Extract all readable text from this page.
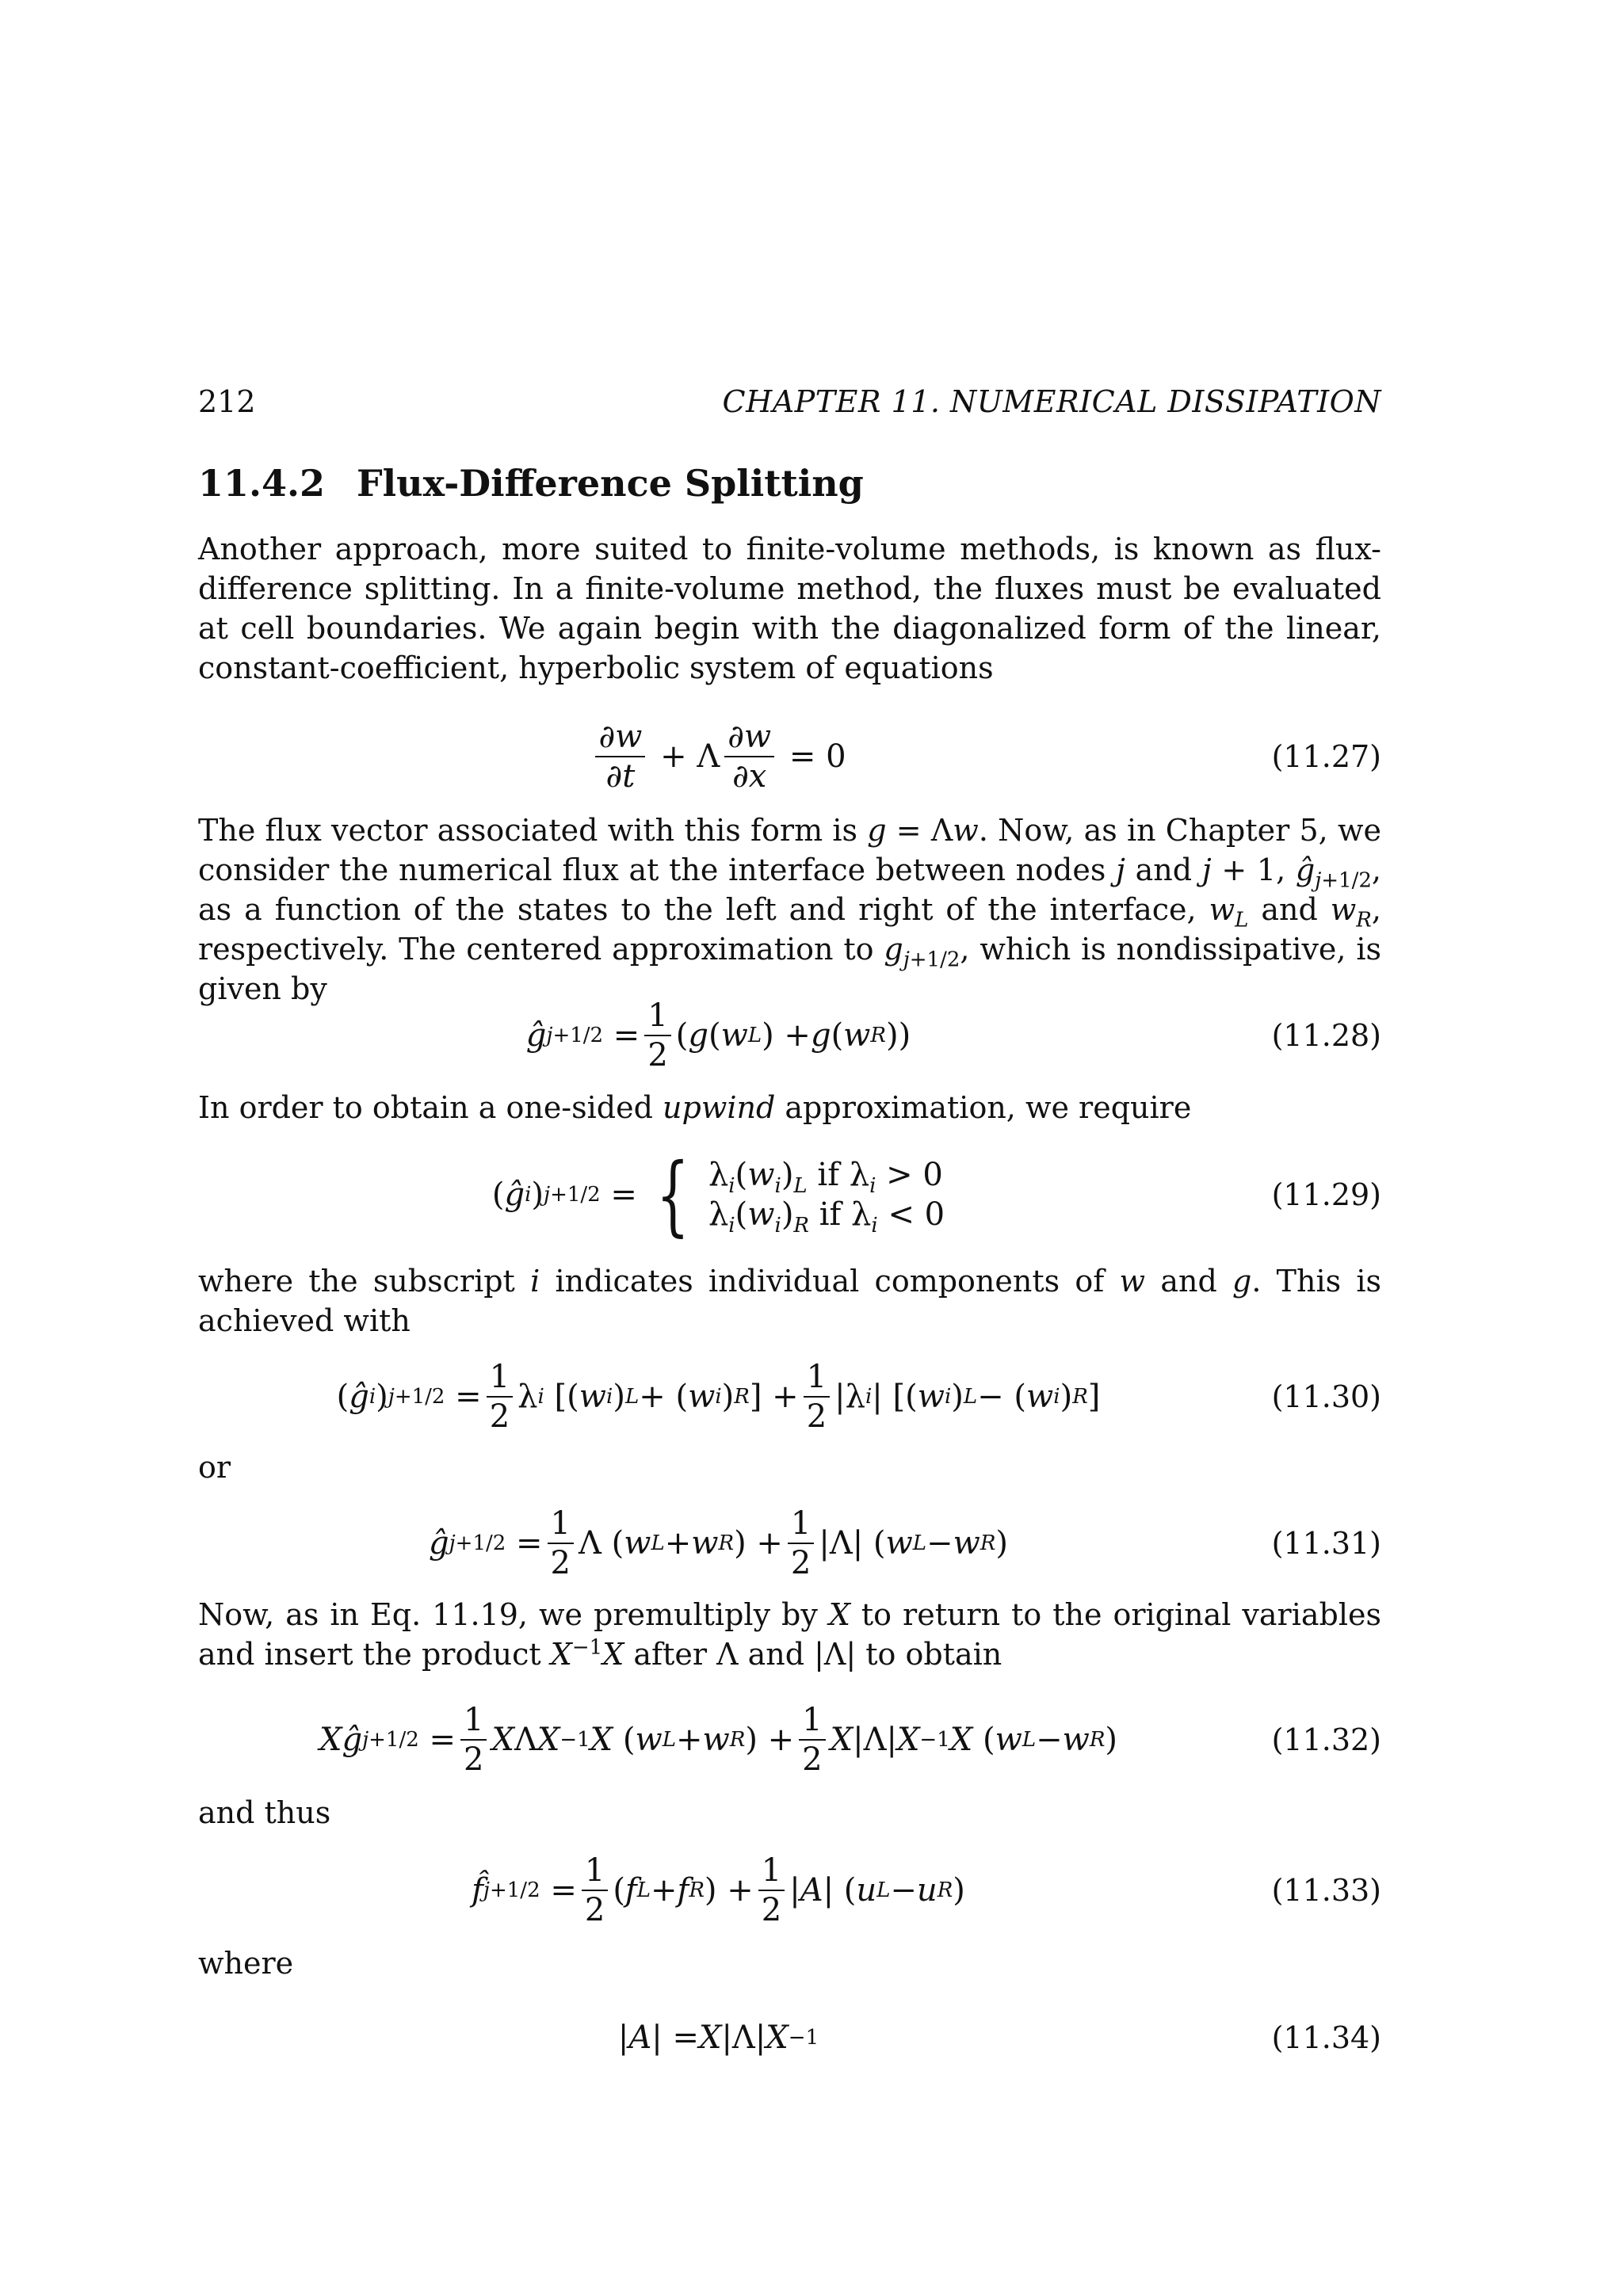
212	CHAPTER 11. NUMERICAL DISSIPATION
11.4.2 Flux-Difference Splitting
Another approach, more suited to finite-volume methods, is known as flux-difference splitting. In a finite-volume method, the fluxes must be evaluated at cell boundaries. We again begin with the diagonalized form of the linear, constant-coefficient, hyperbolic system of equations
$\frac{\partial w}{\partial t} + \Lambda \frac{\partial w}{\partial x} = 0$	(11.27)
The flux vector associated with this form is g = Λw. Now, as in Chapter 5, we consider the numerical flux at the interface between nodes j and j + 1, $ĝ_{j+1/2}$, as a function of the states to the left and right of the interface, $w_L$ and $w_R$, respectively. The centered approximation to $g_{j+1/2}$, which is nondissipative, is given by
ĝ $j+1/2 = \frac{1}{2}$ ( g ( w L ) + g ( w R ))	(11.28)
In order to obtain a one-sided upwind approximation, we require
( ĝ i ) j+1/2 = { $\lambda_i(w_i)_L$ if $\lambda_i > 0$
$\lambda_i(w_i)_R$ if $\lambda_i < 0$
(11.29)
where the subscript i indicates individual components of w and g. This is achieved with
( ĝ i ) $j+1/2 = \frac{1}{2}$ λ i [( w i ) L + ( w i ) R ] + $\frac{1}{2} |\lambda$ i | [( w i ) L − ( w i ) R ]	(11.30)
or
ĝ $j+1/2 = \frac{1}{2}$ Λ ( w L + w R ) + $\frac{1}{2} |\Lambda|$ ( w L − w R )	(11.31)
Now, as in Eq. 11.19, we premultiply by X to return to the original variables and insert the product $X^{-1}X$ after Λ and |Λ| to obtain
X ĝ $j+1/2 = \frac{1}{2}$ X Λ X −1 X ( w L + w R ) + $\frac{1}{2}$ X |Λ| X −1 X ( w L − w R )	(11.32)
and thus
f̂ $j+1/2 = \frac{1}{2}$ ( f L + f R ) + $\frac{1}{2}$ | A | ( u L − u R )	(11.33)
where
| A | = X |Λ| X −1	(11.34)
